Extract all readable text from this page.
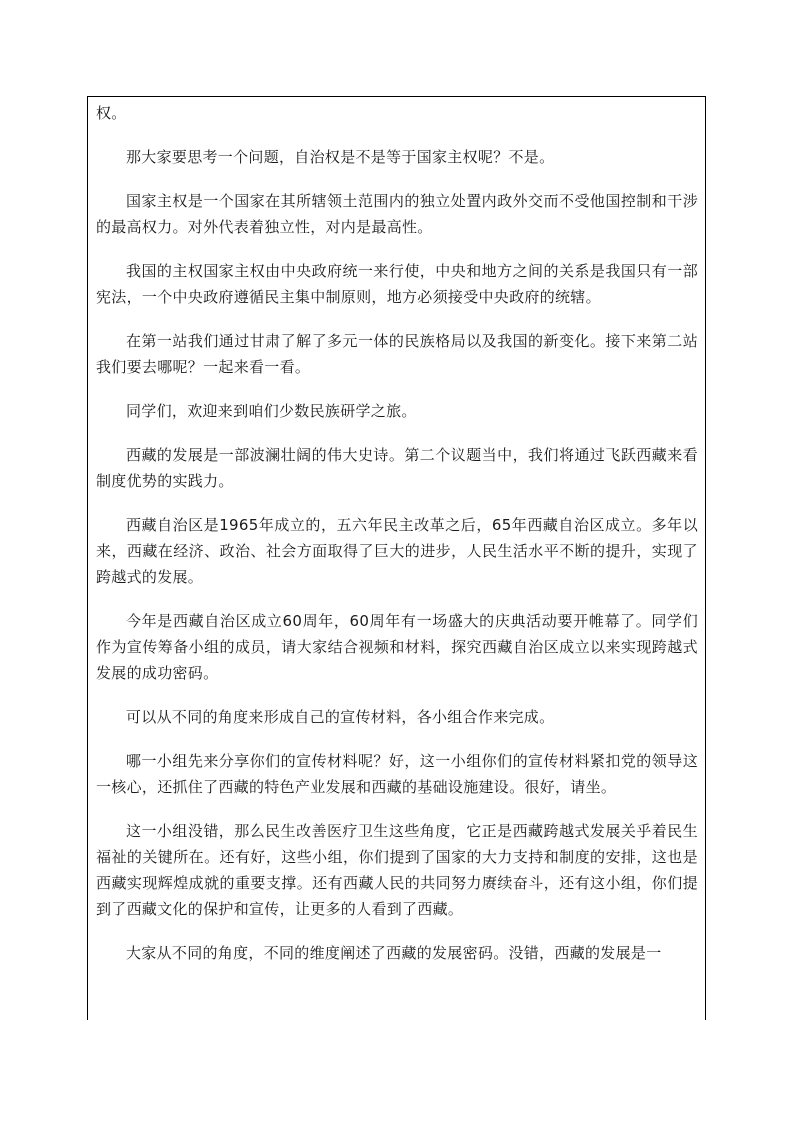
权。

那大家要思考一个问题，自治权是不是等于国家主权呢？不是。

国家主权是一个国家在其所辖领土范围内的独立处置内政外交而不受他国控制和干涉的最高权力。对外代表着独立性，对内是最高性。

我国的主权国家主权由中央政府统一来行使，中央和地方之间的关系是我国只有一部宪法，一个中央政府遵循民主集中制原则，地方必须接受中央政府的统辖。

在第一站我们通过甘肃了解了多元一体的民族格局以及我国的新变化。接下来第二站我们要去哪呢？一起来看一看。

同学们，欢迎来到咱们少数民族研学之旅。

西藏的发展是一部波澜壮阔的伟大史诗。第二个议题当中，我们将通过飞跃西藏来看制度优势的实践力。

西藏自治区是1965年成立的，五六年民主改革之后，65年西藏自治区成立。多年以来，西藏在经济、政治、社会方面取得了巨大的进步，人民生活水平不断的提升，实现了跨越式的发展。

今年是西藏自治区成立60周年，60周年有一场盛大的庆典活动要开帷幕了。同学们作为宣传筹备小组的成员，请大家结合视频和材料，探究西藏自治区成立以来实现跨越式发展的成功密码。

可以从不同的角度来形成自己的宣传材料，各小组合作来完成。

哪一小组先来分享你们的宣传材料呢？好，这一小组你们的宣传材料紧扣党的领导这一核心，还抓住了西藏的特色产业发展和西藏的基础设施建设。很好，请坐。

这一小组没错，那么民生改善医疗卫生这些角度，它正是西藏跨越式发展关乎着民生福祉的关键所在。还有好，这些小组，你们提到了国家的大力支持和制度的安排，这也是西藏实现辉煌成就的重要支撑。还有西藏人民的共同努力赓续奋斗，还有这小组，你们提到了西藏文化的保护和宣传，让更多的人看到了西藏。

大家从不同的角度，不同的维度阐述了西藏的发展密码。没错，西藏的发展是一
